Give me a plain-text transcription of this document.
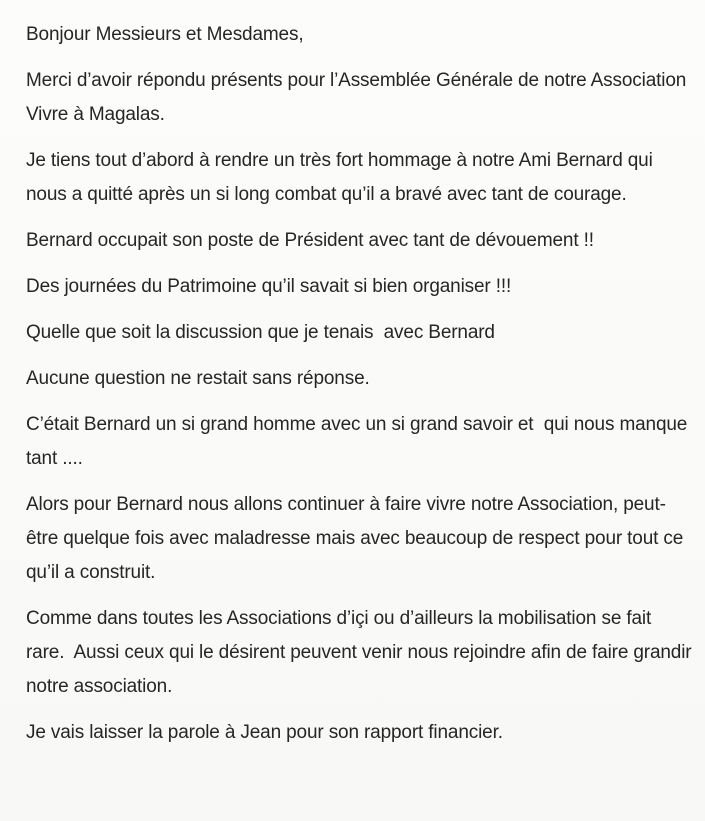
Bonjour Messieurs et Mesdames,

Merci d’avoir répondu présents pour l’Assemblée Générale de notre Association Vivre à Magalas.

Je tiens tout d’abord à rendre un très fort hommage à notre Ami Bernard qui nous a quitté après un si long combat qu’il a bravé avec tant de courage.

Bernard occupait son poste de Président avec tant de dévouement !!

Des journées du Patrimoine qu’il savait si bien organiser !!!

Quelle que soit la discussion que je tenais  avec Bernard

Aucune question ne restait sans réponse.

C’était Bernard un si grand homme avec un si grand savoir et  qui nous manque tant ....

Alors pour Bernard nous allons continuer à faire vivre notre Association, peut-être quelque fois avec maladresse mais avec beaucoup de respect pour tout ce qu’il a construit.

Comme dans toutes les Associations d’içi ou d’ailleurs la mobilisation se fait rare.  Aussi ceux qui le désirent peuvent venir nous rejoindre afin de faire grandir notre association.

Je vais laisser la parole à Jean pour son rapport financier.
